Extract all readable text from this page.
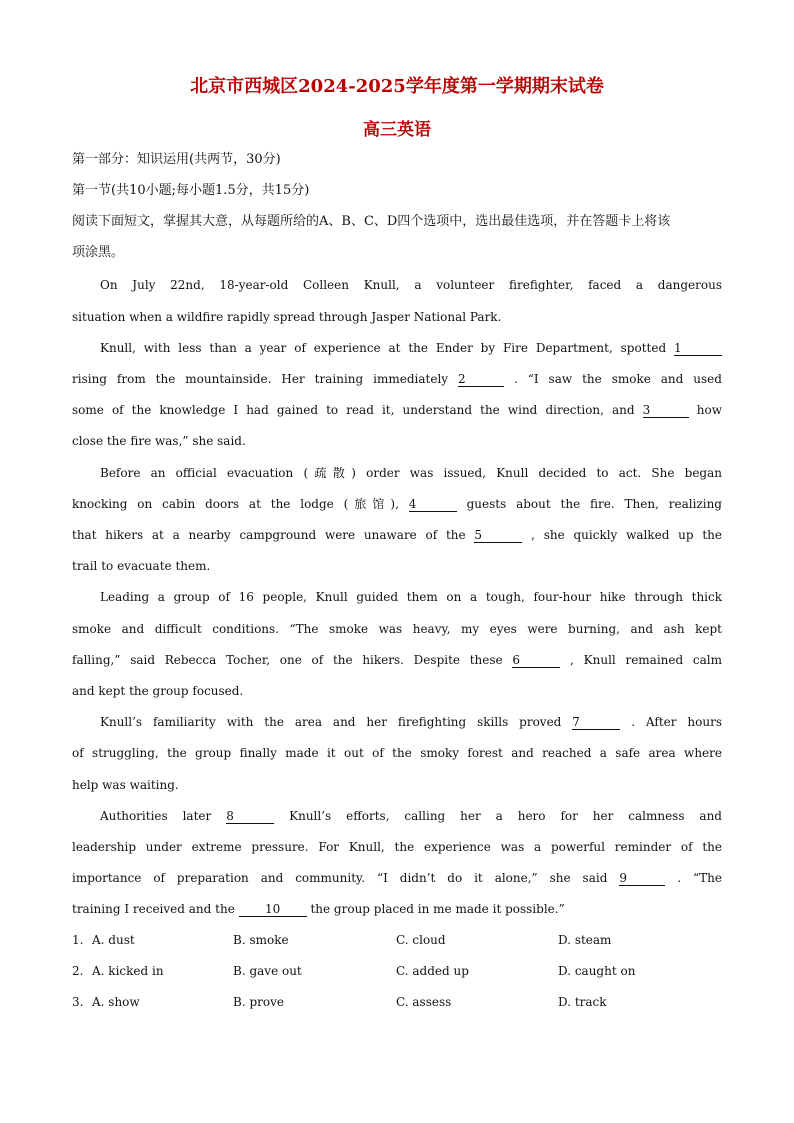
北京市西城区2024-2025学年度第一学期期末试卷
高三英语
第一部分：知识运用(共两节，30分)
第一节(共10小题;每小题1.5分，共15分)
阅读下面短文，掌握其大意，从每题所给的A、B、C、D四个选项中，选出最佳选项，并在答题卡上将该
项涂黑。
On July 22nd, 18-year-old Colleen Knull, a volunteer firefighter, faced a dangerous
situation when a wildfire rapidly spread through Jasper National Park.
Knull, with less than a year of experience at the Ender by Fire Department, spotted 1
rising from the mountainside. Her training immediately 2	. “I saw the smoke and used
some of the knowledge I had gained to read it, understand the wind direction, and 3	how
close the fire was,” she said.
Before an official evacuation (疏散) order was issued, Knull decided to act. She began
knocking on cabin doors at the lodge (旅馆), 4	guests about the fire. Then, realizing
that hikers at a nearby campground were unaware of the 5	, she quickly walked up the
trail to evacuate them.
Leading a group of 16 people, Knull guided them on a tough, four-hour hike through thick
smoke and difficult conditions. “The smoke was heavy, my eyes were burning, and ash kept
falling,” said Rebecca Tocher, one of the hikers. Despite these 6	, Knull remained calm
and kept the group focused.
Knull’s familiarity with the area and her firefighting skills proved 7	. After hours
of struggling, the group finally made it out of the smoky forest and reached a safe area where
help was waiting.
Authorities later 8	Knull’s efforts, calling her a hero for her calmness and
leadership under extreme pressure. For Knull, the experience was a powerful reminder of the
importance of preparation and community. “I didn’t do it alone,” she said 9	. “The
training I received and the	10	the group placed in me made it possible.”
1. A. dust	B. smoke	C. cloud	D. steam
2. A. kicked in	B. gave out	C. added up	D. caught on
3. A. show	B. prove	C. assess	D. track
